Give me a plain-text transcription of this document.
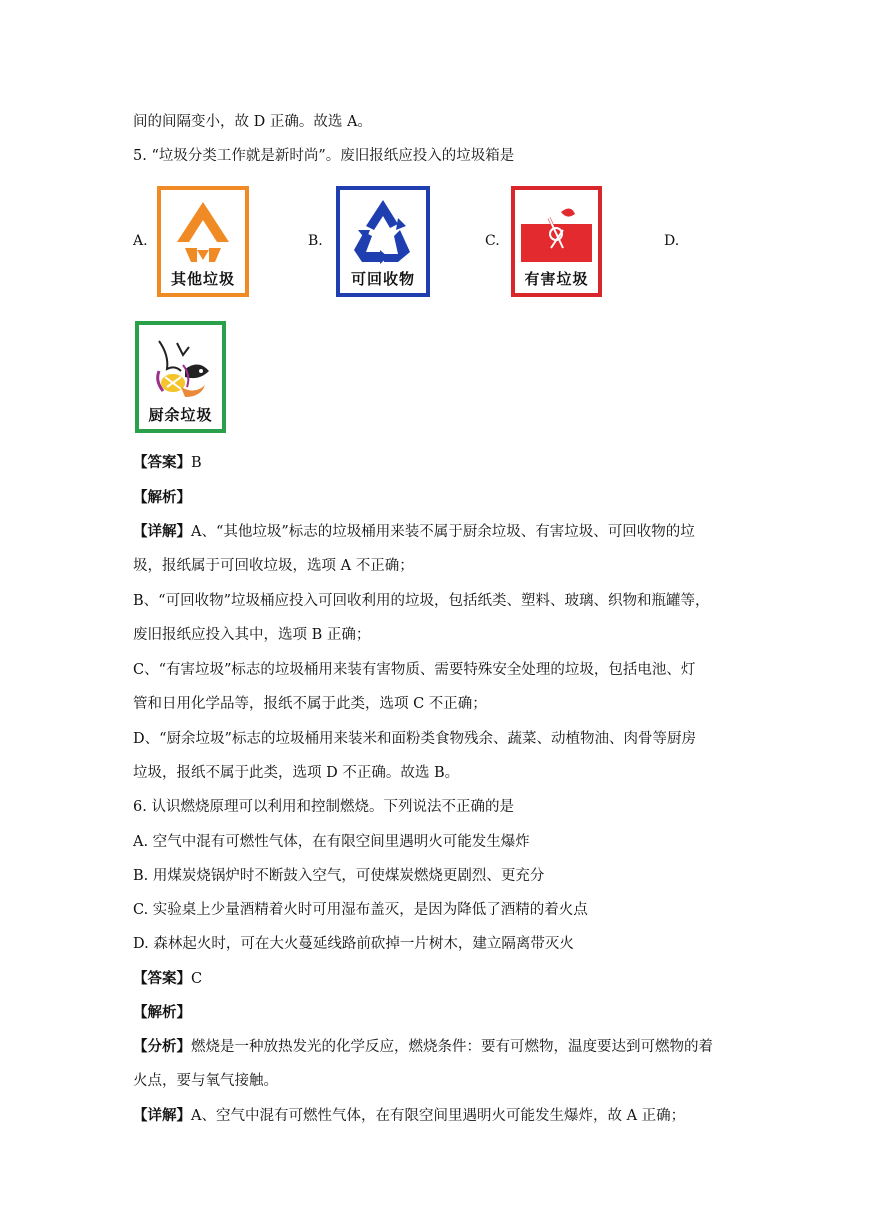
间的间隔变小，故 D 正确。故选 A。
5. “垃圾分类工作就是新时尚”。废旧报纸应投入的垃圾箱是
A.	B.	C.	D.
其他垃圾	可回收物	有害垃圾
厨余垃圾
【答案】B
【解析】
【详解】A、“其他垃圾”标志的垃圾桶用来装不属于厨余垃圾、有害垃圾、可回收物的垃
圾，报纸属于可回收垃圾，选项 A 不正确；
B、“可回收物”垃圾桶应投入可回收利用的垃圾，包括纸类、塑料、玻璃、织物和瓶罐等，
废旧报纸应投入其中，选项 B 正确；
C、“有害垃圾”标志的垃圾桶用来装有害物质、需要特殊安全处理的垃圾，包括电池、灯
管和日用化学品等，报纸不属于此类，选项 C 不正确；
D、“厨余垃圾”标志的垃圾桶用来装米和面粉类食物残余、蔬菜、动植物油、肉骨等厨房
垃圾，报纸不属于此类，选项 D 不正确。故选 B。
6. 认识燃烧原理可以利用和控制燃烧。下列说法不正确的是
A. 空气中混有可燃性气体，在有限空间里遇明火可能发生爆炸
B. 用煤炭烧锅炉时不断鼓入空气，可使煤炭燃烧更剧烈、更充分
C. 实验桌上少量酒精着火时可用湿布盖灭，是因为降低了酒精的着火点
D. 森林起火时，可在大火蔓延线路前砍掉一片树木，建立隔离带灭火
【答案】C
【解析】
【分析】燃烧是一种放热发光的化学反应，燃烧条件：要有可燃物，温度要达到可燃物的着
火点，要与氧气接触。
【详解】A、空气中混有可燃性气体，在有限空间里遇明火可能发生爆炸，故 A 正确；
